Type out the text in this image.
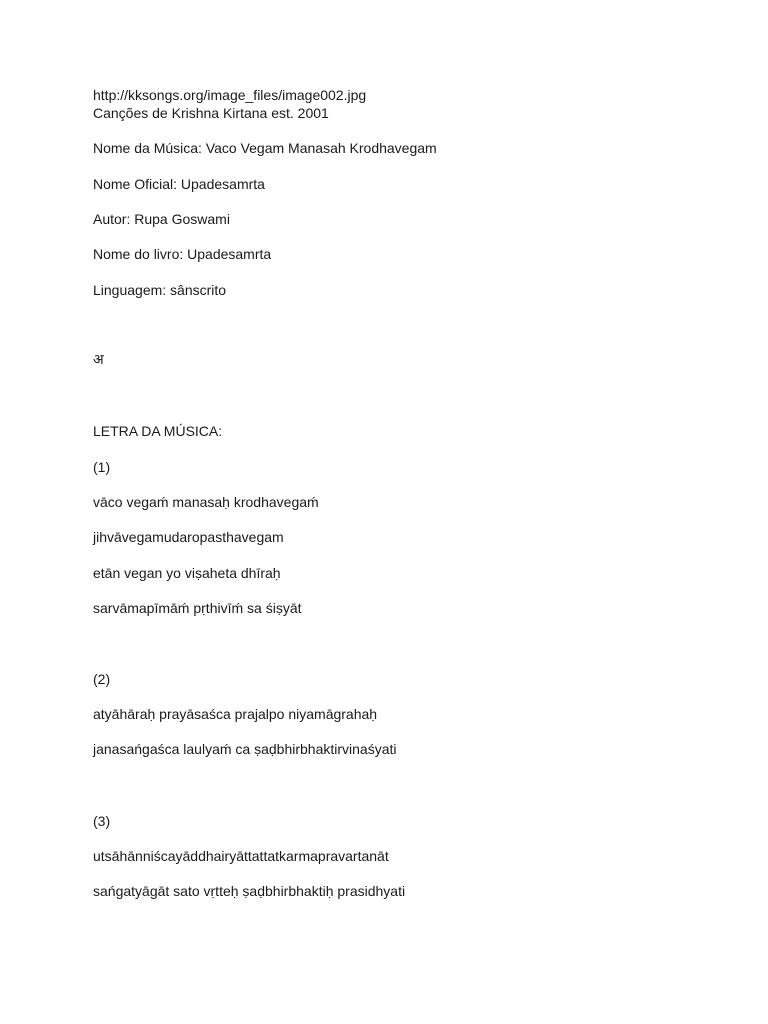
http://kksongs.org/image_files/image002.jpg
Canções de Krishna Kirtana est. 2001
Nome da Música: Vaco Vegam Manasah Krodhavegam
Nome Oficial: Upadesamrta
Autor: Rupa Goswami
Nome do livro: Upadesamrta
Linguagem: sânscrito
अ
LETRA DA MÚSICA:
(1)
vāco vegaḿ manasaḥ krodhavegaḿ
jihvāvegamudaropasthavegam
etān vegan yo viṣaheta dhīraḥ
sarvāmapīmāḿ pṛthivīḿ sa śiṣyāt
(2)
atyāhāraḥ prayāsaśca prajalpo niyamāgrahaḥ
janasańgaśca laulyaḿ ca ṣaḍbhirbhaktirvinaśyati
(3)
utsāhānniścayāddhairyāttattatkarmapravartanāt
sańgatyāgāt sato vṛtteḥ ṣaḍbhirbhaktiḥ prasidhyati
